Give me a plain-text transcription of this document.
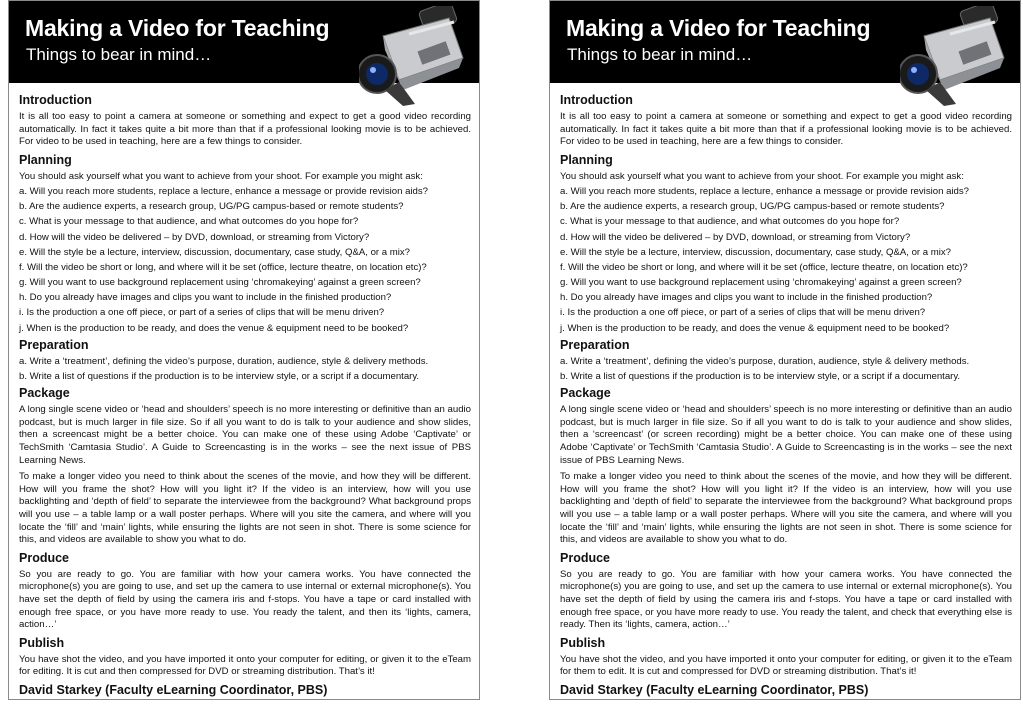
Making a Video for Teaching
Things to bear in mind…
Introduction
It is all too easy to point a camera at someone or something and expect to get a good video recording automatically. In fact it takes quite a bit more than that if a professional looking movie is to be achieved. For video to be used in teaching, here are a few things to consider.
Planning
You should ask yourself what you want to achieve from your shoot. For example you might ask:
a. Will you reach more students, replace a lecture, enhance a message or provide revision aids?
b. Are the audience experts, a research group, UG/PG campus-based or remote students?
c. What is your message to that audience, and what outcomes do you hope for?
d. How will the video be delivered – by DVD, download, or streaming from Victory?
e. Will the style be a lecture, interview, discussion, documentary, case study, Q&A, or a mix?
f. Will the video be short or long, and where will it be set (office, lecture theatre, on location etc)?
g. Will you want to use background replacement using ‘chromakeying’ against a green screen?
h. Do you already have images and clips you want to include in the finished production?
i. Is the production a one off piece, or part of a series of clips that will be menu driven?
j. When is the production to be ready, and does the venue & equipment need to be booked?
Preparation
a. Write a ‘treatment’, defining the video’s purpose, duration, audience, style & delivery methods.
b. Write a list of questions if the production is to be interview style, or a script if a documentary.
Package
A long single scene video or ‘head and shoulders’ speech is no more interesting or definitive than an audio podcast, but is much larger in file size. So if all you want to do is talk to your audience and show slides, then a screencast might be a better choice. You can make one of these using Adobe ‘Captivate’ or TechSmith ‘Camtasia Studio’. A Guide to Screencasting is in the works – see the next issue of PBS Learning News.
To make a longer video you need to think about the scenes of the movie, and how they will be different. How will you frame the shot? How will you light it? If the video is an interview, how will you use backlighting and ‘depth of field’ to separate the interviewee from the background? What background props will you use – a table lamp or a wall poster perhaps. Where will you site the camera, and where will you locate the ‘fill’ and ‘main’ lights, while ensuring the lights are not seen in shot. There is some science for this, and videos are available to show you what to do.
Produce
So you are ready to go. You are familiar with how your camera works. You have connected the microphone(s) you are going to use, and set up the camera to use internal or external microphone(s). You have set the depth of field by using the camera iris and f-stops. You have a tape or card installed with enough free space, or you have more ready to use. You ready the talent, and then its ‘lights, camera, action…’
Publish
You have shot the video, and you have imported it onto your computer for editing, or given it to the eTeam for editing. It is cut and then compressed for DVD or streaming distribution. That’s it!
David Starkey (Faculty eLearning Coordinator, PBS)
Making a Video for Teaching
Things to bear in mind…
Introduction
It is all too easy to point a camera at someone or something and expect to get a good video recording automatically. In fact it takes quite a bit more than that if a professional looking movie is to be achieved. For video to be used in teaching, here are a few things to consider.
Planning
You should ask yourself what you want to achieve from your shoot. For example you might ask:
a. Will you reach more students, replace a lecture, enhance a message or provide revision aids?
b. Are the audience experts, a research group, UG/PG campus-based or remote students?
c. What is your message to that audience, and what outcomes do you hope for?
d. How will the video be delivered – by DVD, download, or streaming from Victory?
e. Will the style be a lecture, interview, discussion, documentary, case study, Q&A, or a mix?
f. Will the video be short or long, and where will it be set (office, lecture theatre, on location etc)?
g. Will you want to use background replacement using ‘chromakeying’ against a green screen?
h. Do you already have images and clips you want to include in the finished production?
i. Is the production a one off piece, or part of a series of clips that will be menu driven?
j. When is the production to be ready, and does the venue & equipment need to be booked?
Preparation
a. Write a ‘treatment’, defining the video’s purpose, duration, audience, style & delivery methods.
b. Write a list of questions if the production is to be interview style, or a script if a documentary.
Package
A long single scene video or ‘head and shoulders’ speech is no more interesting or definitive than an audio podcast, but is much larger in file size. So if all you want to do is talk to your audience and show slides, then a ‘screencast’ (or screen recording) might be a better choice. You can make one of these using Adobe ‘Captivate’ or TechSmith ‘Camtasia Studio’. A Guide to Screencasting is in the works – see the next issue of PBS Learning News.
To make a longer video you need to think about the scenes of the movie, and how they will be different. How will you frame the shot? How will you light it? If the video is an interview, how will you use backlighting and ‘depth of field’ to separate the interviewee from the background? What background props will you use – a table lamp or a wall poster perhaps. Where will you site the camera, and where will you locate the ‘fill’ and ‘main’ lights, while ensuring the lights are not seen in shot. There is some science for this, and videos are available to show you what to do.
Produce
So you are ready to go. You are familiar with how your camera works. You have connected the microphone(s) you are going to use, and set up the camera to use internal or external microphone(s). You have set the depth of field by using the camera iris and f-stops. You have a tape or card installed with enough free space, or you have more ready to use. You ready the talent, and check that everything else is ready. Then its ‘lights, camera, action…’
Publish
You have shot the video, and you have imported it onto your computer for editing, or given it to the eTeam for them to edit. It is cut and compressed for DVD or streaming distribution. That’s it!
David Starkey (Faculty eLearning Coordinator, PBS)
